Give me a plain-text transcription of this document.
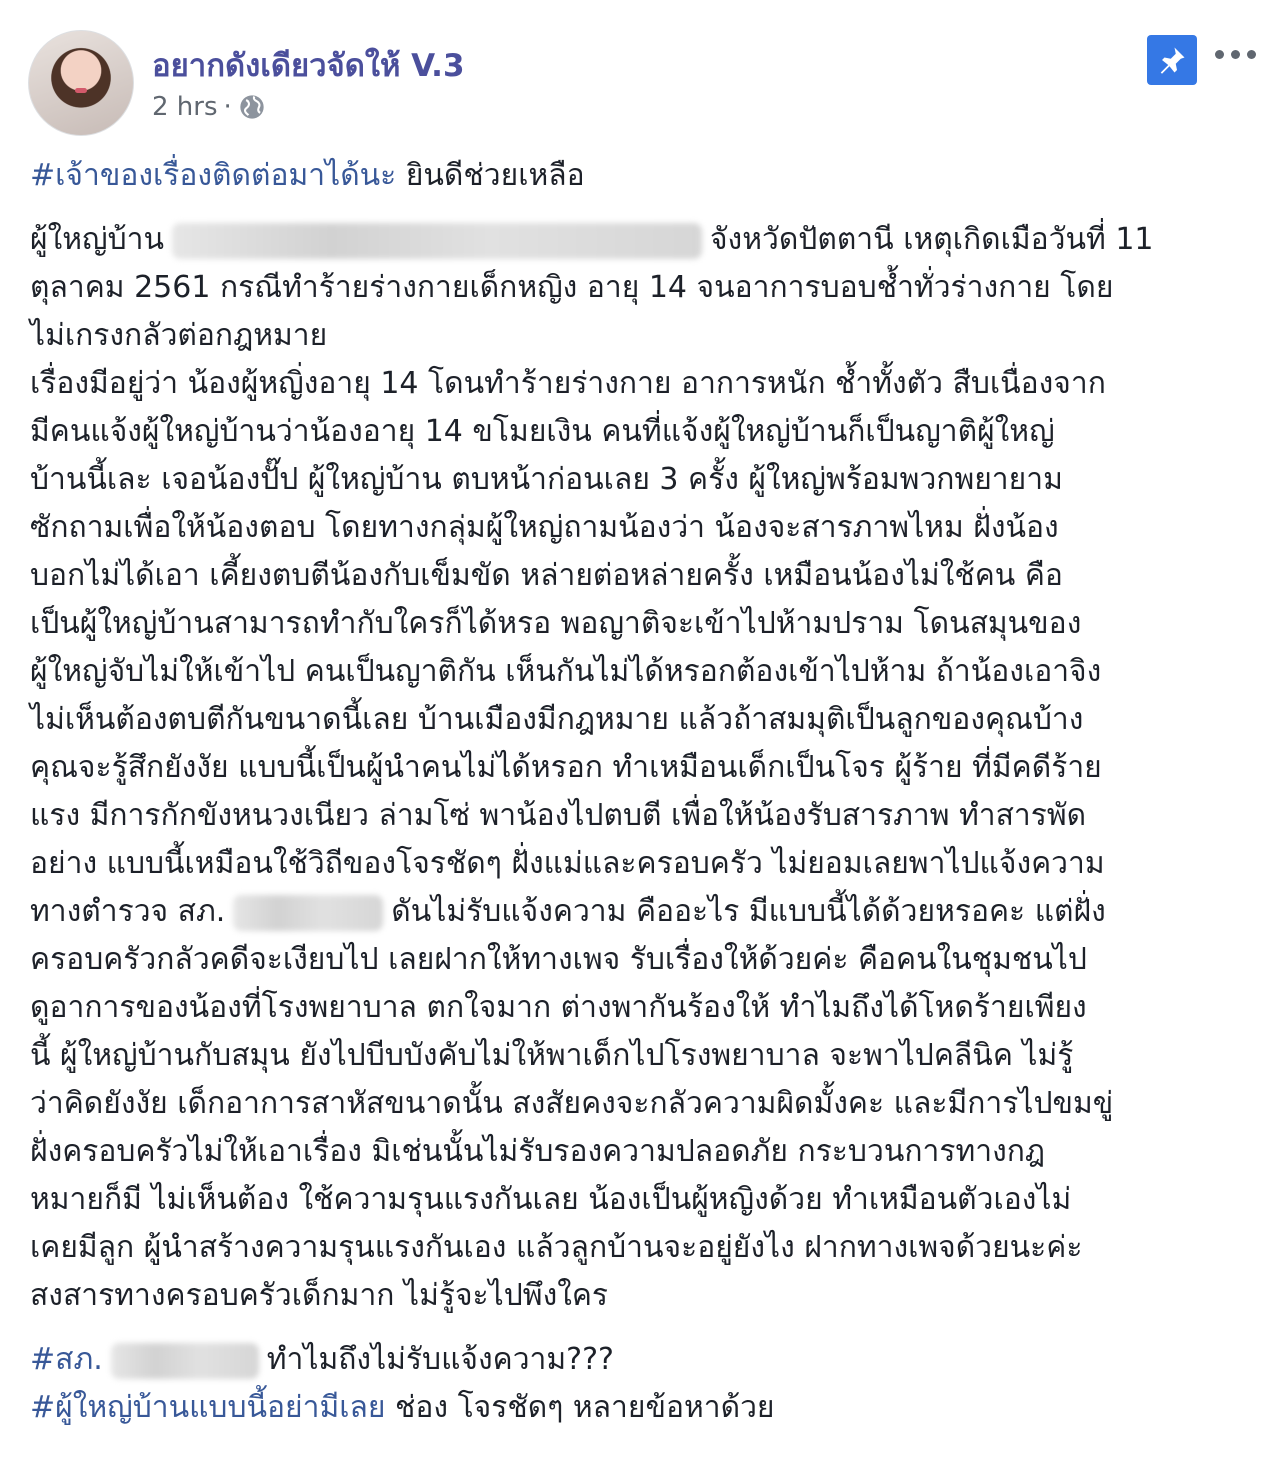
อยากดังเดียวจัดให้ V.3
2 hrs ·
#เจ้าของเรื่องติดต่อมาได้นะ ยินดีช่วยเหลือ
ผู้ใหญ่บ้าน	จังหวัดปัตตานี เหตุเกิดเมือวันที่ 11
ตุลาคม 2561 กรณีทำร้ายร่างกายเด็กหญิง อายุ 14 จนอาการบอบช้ำทั่วร่างกาย โดย
ไม่เกรงกลัวต่อกฎหมาย
เรื่องมีอยู่ว่า น้องผู้หญิ่งอายุ 14 โดนทำร้ายร่างกาย อาการหนัก ช้ำทั้งตัว สืบเนื่องจาก
มีคนแจ้งผู้ใหญ่บ้านว่าน้องอายุ 14 ขโมยเงิน คนที่แจ้งผู้ใหญ่บ้านก็เป็นญาติผู้ใหญ่
บ้านนี้เละ เจอน้องปั๊ป ผู้ใหญ่บ้าน ตบหน้าก่อนเลย 3 ครั้ง ผู้ใหญ่พร้อมพวกพยายาม
ซักถามเพื่อให้น้องตอบ โดยทางกลุ่มผู้ใหญ่ถามน้องว่า น้องจะสารภาพไหม ฝั่งน้อง
บอกไม่ได้เอา เคี้ยงตบตีน้องกับเข็มขัด หล่ายต่อหล่ายครั้ง เหมือนน้องไม่ใช้คน คือ
เป็นผู้ใหญ่บ้านสามารถทำกับใครก็ได้หรอ พอญาติจะเข้าไปห้ามปราม โดนสมุนของ
ผู้ใหญ่จับไม่ให้เข้าไป คนเป็นญาติกัน เห็นกันไม่ได้หรอกต้องเข้าไปห้าม ถ้าน้องเอาจิง
ไม่เห็นต้องตบตีกันขนาดนี้เลย บ้านเมืองมีกฎหมาย แล้วถ้าสมมุติเป็นลูกของคุณบ้าง
คุณจะรู้สึกยังงัย แบบนี้เป็นผู้นำคนไม่ได้หรอก ทำเหมือนเด็กเป็นโจร ผู้ร้าย ที่มีคดีร้าย
แรง มีการกักขังหนวงเนียว ล่ามโซ่ พาน้องไปตบตี เพื่อให้น้องรับสารภาพ ทำสารพัด
อย่าง แบบนี้เหมือนใช้วิถีของโจรชัดๆ ฝั่งแม่และครอบครัว ไม่ยอมเลยพาไปแจ้งความ
ทางตำรวจ สภ.	ดันไม่รับแจ้งความ คืออะไร มีแบบนี้ได้ด้วยหรอคะ แต่ฝั่ง
ครอบครัวกลัวคดีจะเงียบไป เลยฝากให้ทางเพจ รับเรื่องให้ด้วยค่ะ คือคนในชุมชนไป
ดูอาการของน้องที่โรงพยาบาล ตกใจมาก ต่างพากันร้องให้ ทำไมถึงได้โหดร้ายเพียง
นี้ ผู้ใหญ่บ้านกับสมุน ยังไปบีบบังคับไม่ให้พาเด็กไปโรงพยาบาล จะพาไปคลีนิค ไม่รู้
ว่าคิดยังงัย เด็กอาการสาหัสขนาดนั้น สงสัยคงจะกลัวความผิดมั้งคะ และมีการไปขมขู่
ฝั่งครอบครัวไม่ให้เอาเรื่อง มิเช่นนั้นไม่รับรองความปลอดภัย กระบวนการทางกฎ
หมายก็มี ไม่เห็นต้อง ใช้ความรุนแรงกันเลย น้องเป็นผู้หญิงด้วย ทำเหมือนตัวเองไม่
เคยมีลูก ผู้นำสร้างความรุนแรงกันเอง แล้วลูกบ้านจะอยู่ยังไง ฝากทางเพจด้วยนะค่ะ
สงสารทางครอบครัวเด็กมาก ไม่รู้จะไปพึงใคร
#สภ.	ทำไมถึงไม่รับแจ้งความ???
#ผู้ใหญ่บ้านแบบนี้อย่ามีเลย ช่อง โจรชัดๆ หลายข้อหาด้วย
